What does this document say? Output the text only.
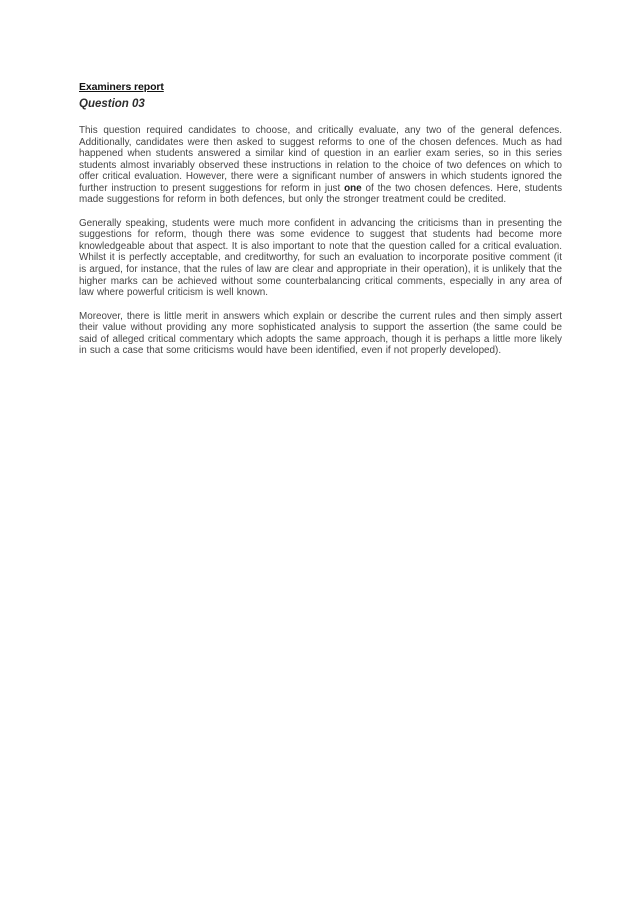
Examiners report
Question 03

This question required candidates to choose, and critically evaluate, any two of the general defences. Additionally, candidates were then asked to suggest reforms to one of the chosen defences. Much as had happened when students answered a similar kind of question in an earlier exam series, so in this series students almost invariably observed these instructions in relation to the choice of two defences on which to offer critical evaluation. However, there were a significant number of answers in which students ignored the further instruction to present suggestions for reform in just one of the two chosen defences. Here, students made suggestions for reform in both defences, but only the stronger treatment could be credited.

Generally speaking, students were much more confident in advancing the criticisms than in presenting the suggestions for reform, though there was some evidence to suggest that students had become more knowledgeable about that aspect. It is also important to note that the question called for a critical evaluation. Whilst it is perfectly acceptable, and creditworthy, for such an evaluation to incorporate positive comment (it is argued, for instance, that the rules of law are clear and appropriate in their operation), it is unlikely that the higher marks can be achieved without some counterbalancing critical comments, especially in any area of law where powerful criticism is well known.

Moreover, there is little merit in answers which explain or describe the current rules and then simply assert their value without providing any more sophisticated analysis to support the assertion (the same could be said of alleged critical commentary which adopts the same approach, though it is perhaps a little more likely in such a case that some criticisms would have been identified, even if not properly developed).
